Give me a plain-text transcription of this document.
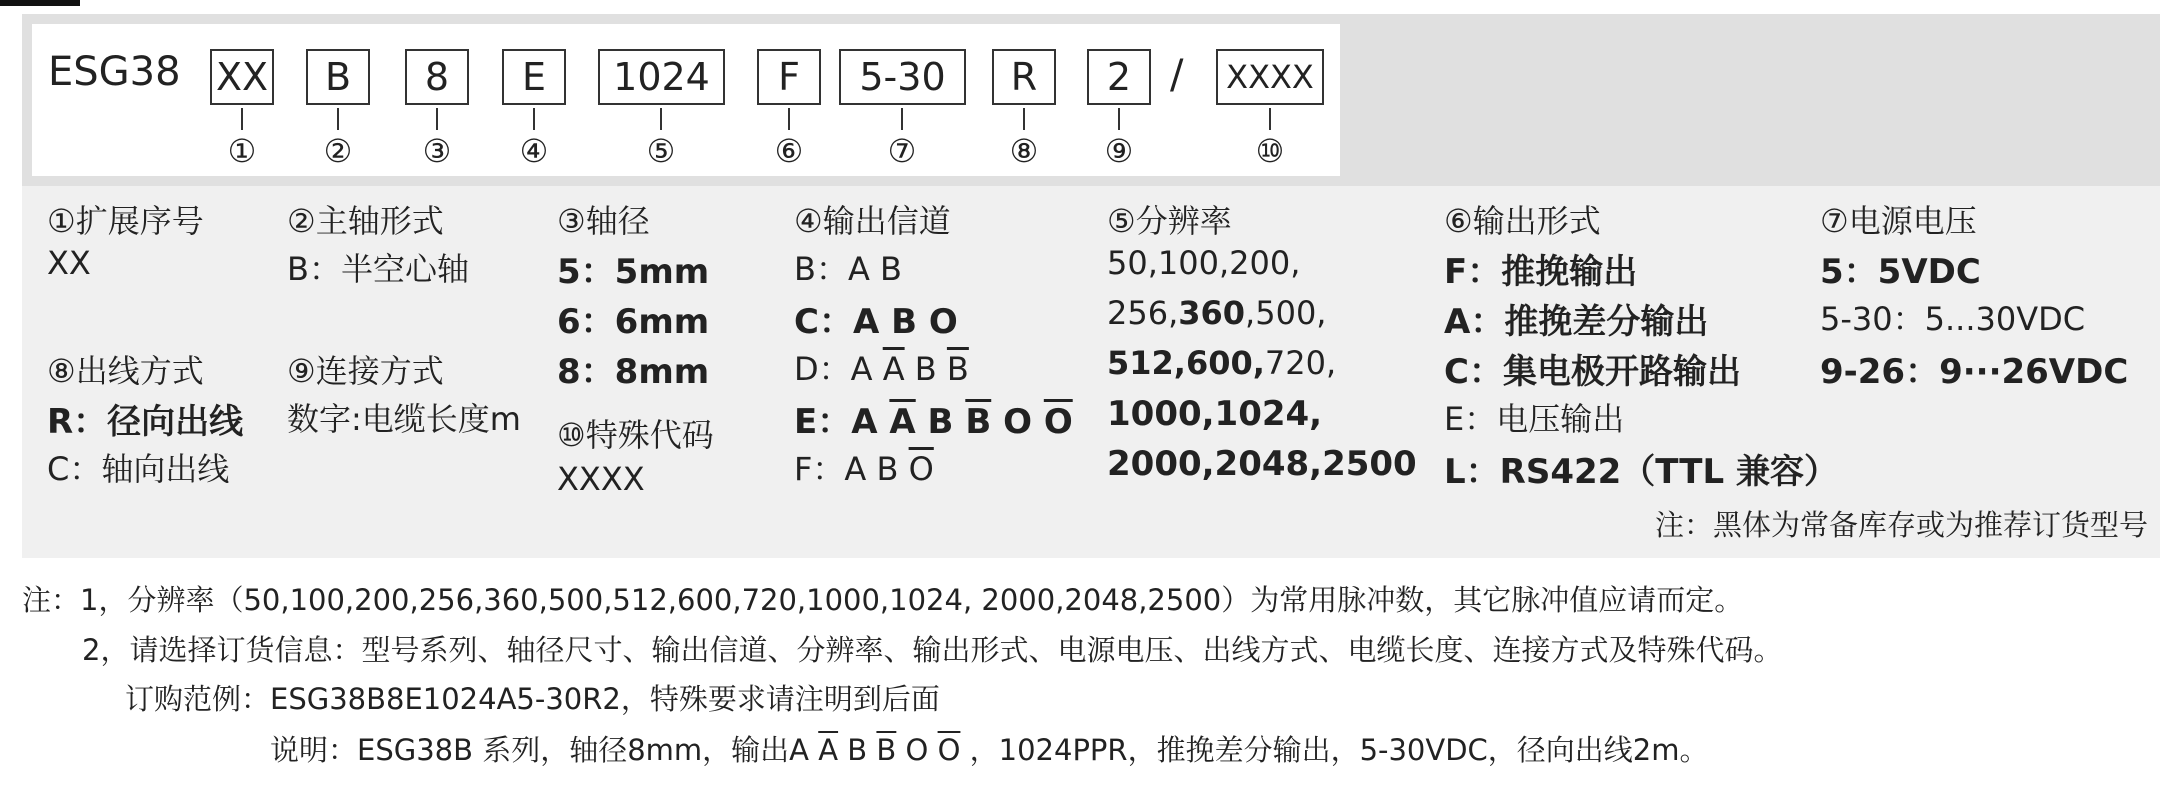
ESG38 XX	B	8	E	1024	F	5-30	R	2 /	XXXX
① ② ③ ④	⑤	⑥	⑦	⑧ ⑨	⑩
①扩展序号
XX
⑧出线方式
R：径向出线
C：轴向出线
②主轴形式
B：半空心轴
⑨连接方式
数字:电缆长度m
③轴径
5：5mm
6：6mm
8：8mm
⑩特殊代码
XXXX
④输出信道
B：A B
C：A B O
D：A $\overline{A}$ B $\overline{B}$
E：A $\overline{A}$ B $\overline{B}$ O $\overline{O}$
F：A B $\overline{O}$
⑤分辨率
50,100,200,
256,360,500,
512,600,720,
1000,1024,
2000,2048,2500
⑥输出形式
F：推挽输出
A：推挽差分输出
C：集电极开路输出
E：电压输出
L：RS422（TTL 兼容）
⑦电源电压
5：5VDC
5-30：5...30VDC
9-26：9···26VDC
注：黑体为常备库存或为推荐订货型号
注：1，分辨率（50,100,200,256,360,500,512,600,720,1000,1024, 2000,2048,2500）为常用脉冲数，其它脉冲值应请而定。
2，请选择订货信息：型号系列、轴径尺寸、输出信道、分辨率、输出形式、电源电压、出线方式、电缆长度、连接方式及特殊代码。
订购范例：ESG38B8E1024A5-30R2，特殊要求请注明到后面
说明：ESG38B 系列，轴径8mm，输出A $\overline{A}$ B $\overline{B}$ O $\overline{O}$ ，1024PPR，推挽差分输出，5-30VDC，径向出线2m。
